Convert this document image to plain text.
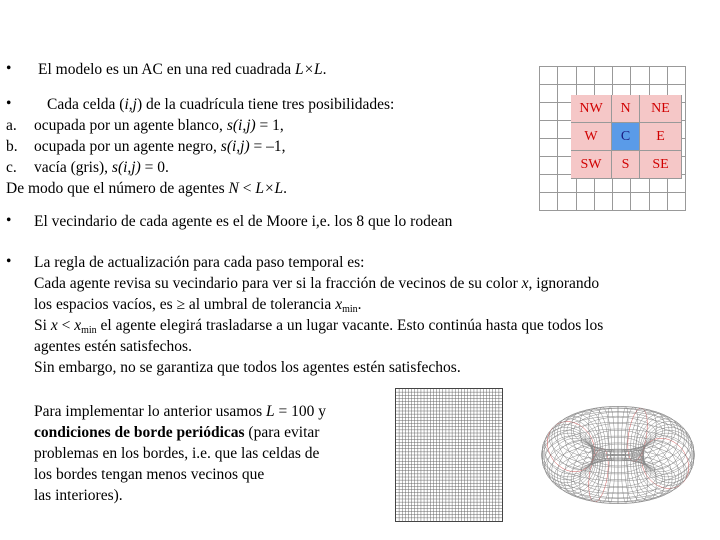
• El modelo es un AC en una red cuadrada L×L.
• Cada celda (i,j) de la cuadrícula tiene tres posibilidades:
a. ocupada por un agente blanco, s(i,j) = 1,
b. ocupada por un agente negro, s(i,j) = –1,
c. vacía (gris), s(i,j) = 0.
De modo que el número de agentes N < L×L.
• El vecindario de cada agente es el de Moore i,e. los 8 que lo rodean
• La regla de actualización para cada paso temporal es:
Cada agente revisa su vecindario para ver si la fracción de vecinos de su color x, ignorando
los espacios vacíos, es ≥ al umbral de tolerancia $x_{min}$.
Si $x < x_{min}$ el agente elegirá trasladarse a un lugar vacante. Esto continúa hasta que todos los
agentes estén satisfechos.
Sin embargo, no se garantiza que todos los agentes estén satisfechos.
Para implementar lo anterior usamos L = 100 y
condiciones de borde periódicas (para evitar
problemas en los bordes, i.e. que las celdas de
los bordes tengan menos vecinos que
las interiores).
NW	N	NE
W	C	E
SW	S	SE
